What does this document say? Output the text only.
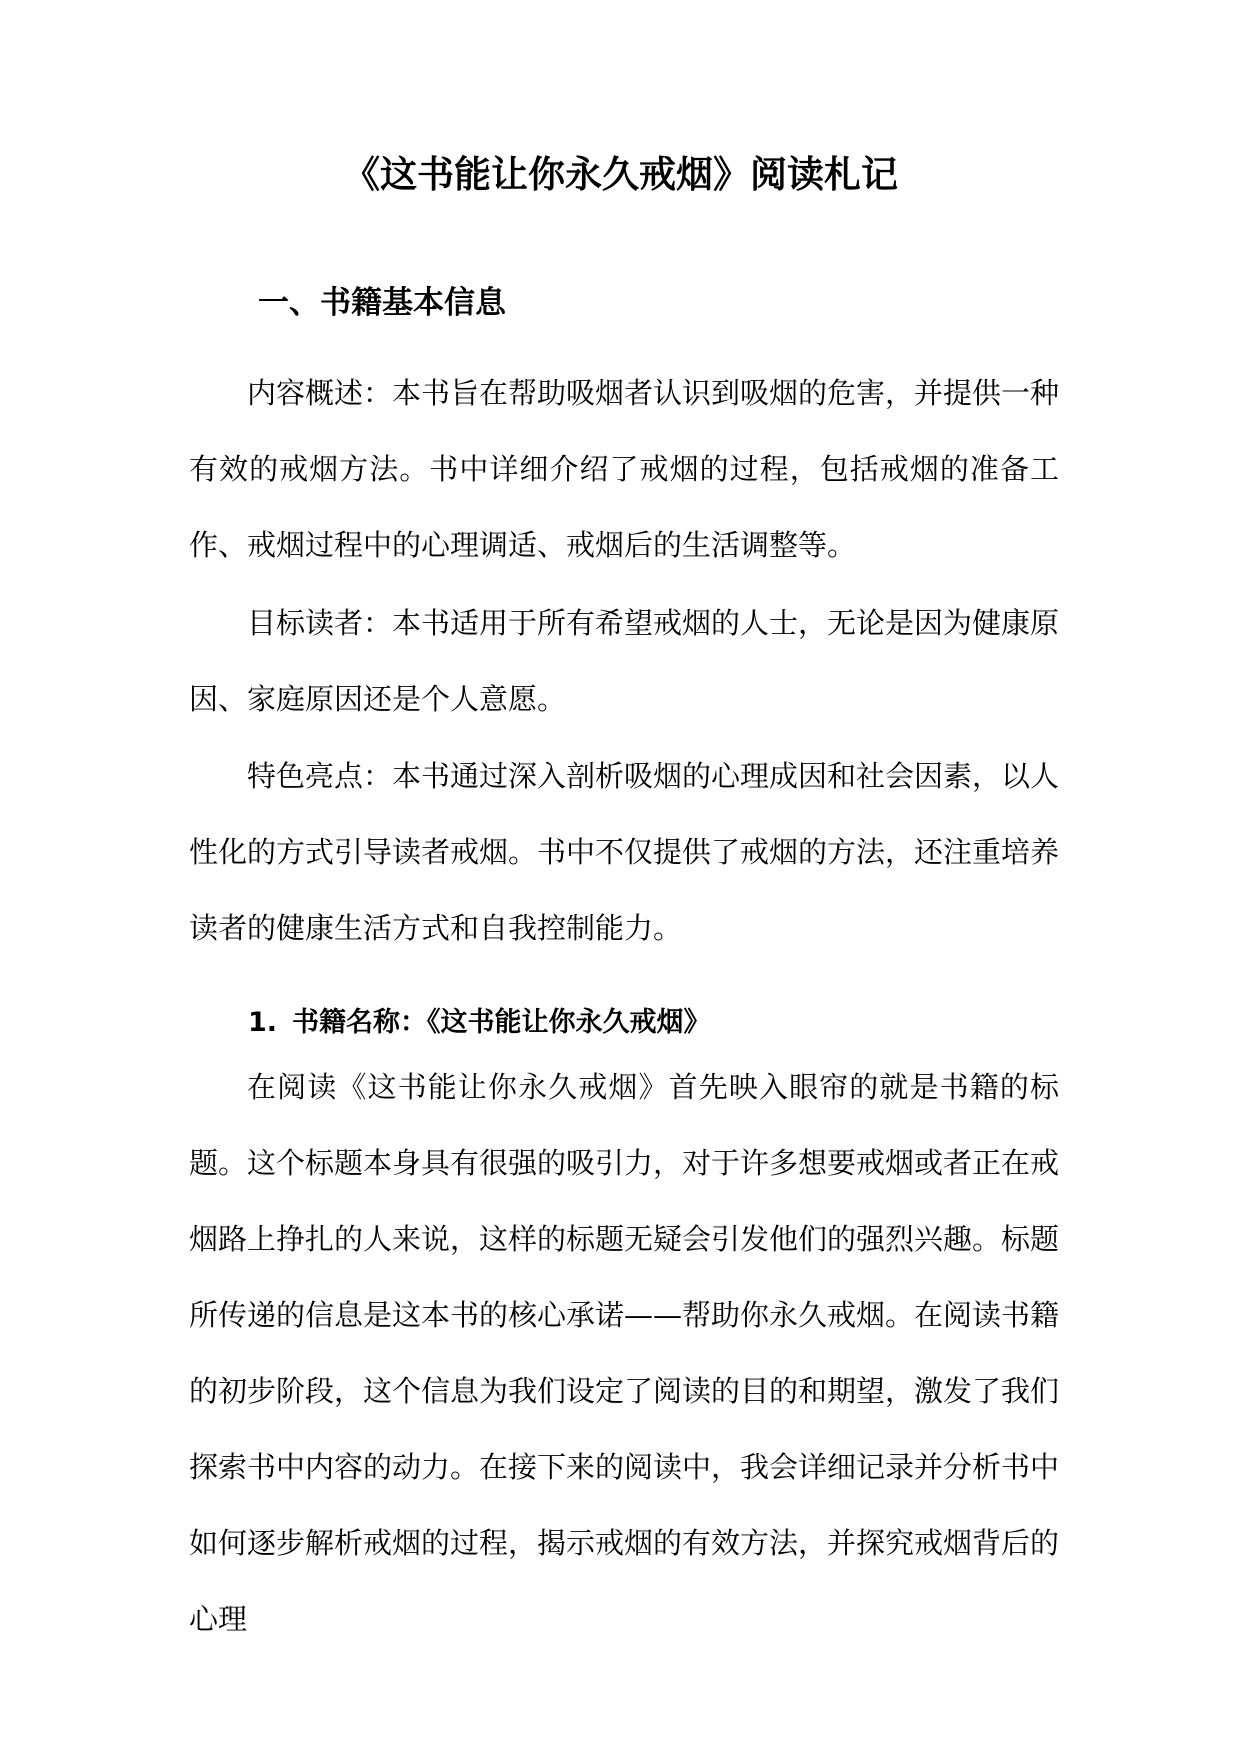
《这书能让你永久戒烟》阅读札记
一、书籍基本信息

内容概述：本书旨在帮助吸烟者认识到吸烟的危害，并提供一种有效的戒烟方法。书中详细介绍了戒烟的过程，包括戒烟的准备工作、戒烟过程中的心理调适、戒烟后的生活调整等。

目标读者：本书适用于所有希望戒烟的人士，无论是因为健康原因、家庭原因还是个人意愿。

特色亮点：本书通过深入剖析吸烟的心理成因和社会因素，以人性化的方式引导读者戒烟。书中不仅提供了戒烟的方法，还注重培养读者的健康生活方式和自我控制能力。

1. 书籍名称：《这书能让你永久戒烟》

在阅读《这书能让你永久戒烟》首先映入眼帘的就是书籍的标题。这个标题本身具有很强的吸引力，对于许多想要戒烟或者正在戒烟路上挣扎的人来说，这样的标题无疑会引发他们的强烈兴趣。标题所传递的信息是这本书的核心承诺——帮助你永久戒烟。在阅读书籍的初步阶段，这个信息为我们设定了阅读的目的和期望，激发了我们探索书中内容的动力。在接下来的阅读中，我会详细记录并分析书中如何逐步解析戒烟的过程，揭示戒烟的有效方法，并探究戒烟背后的心理
